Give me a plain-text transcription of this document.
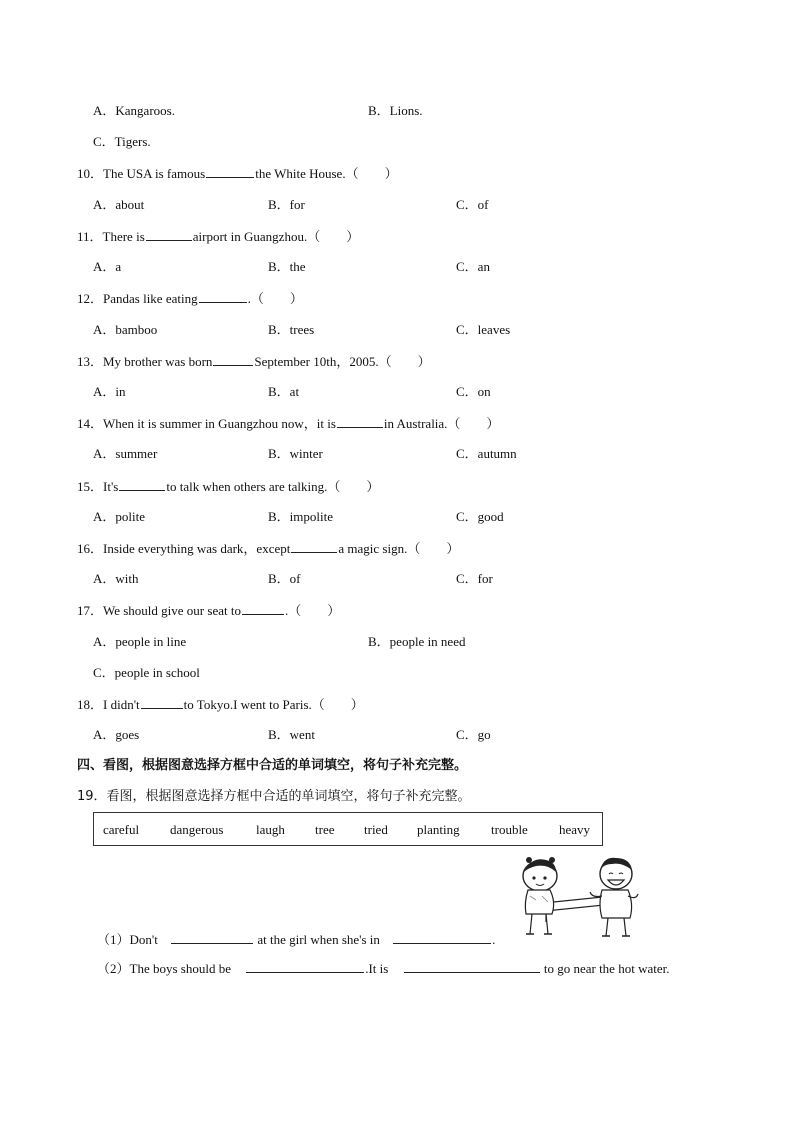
A．Kangaroos.	B．Lions.
C．Tigers.
10．The USA is famous	the White House.（　　）
A．about	B．for	C．of
11．There is	airport in Guangzhou.（　　）
A．a	B．the	C．an
12．Pandas like eating	.（　　）
A．bamboo	B．trees	C．leaves
13．My brother was born	September 10th，2005.（　　）
A．in	B．at	C．on
14．When it is summer in Guangzhou now，it is	in Australia.（　　）
A．summer	B．winter	C．autumn
15．It's	to talk when others are talking.（　　）
A．polite	B．impolite	C．good
16．Inside everything was dark，except	a magic sign.（　　）
A．with	B．of	C．for
17．We should give our seat to	.（　　）
A．people in line	B．people in need
C．people in school
18．I didn't	to Tokyo.I went to Paris.（　　）
A．goes	B．went	C．go
四、看图，根据图意选择方框中合适的单词填空，将句子补充完整。
19．看图，根据图意选择方框中合适的单词填空，将句子补充完整。
careful dangerous	laugh tree tried planting trouble heavy
（1）Don't	at the girl when she's in	.
（2）The boys should be	.It is	to go near the hot water.
